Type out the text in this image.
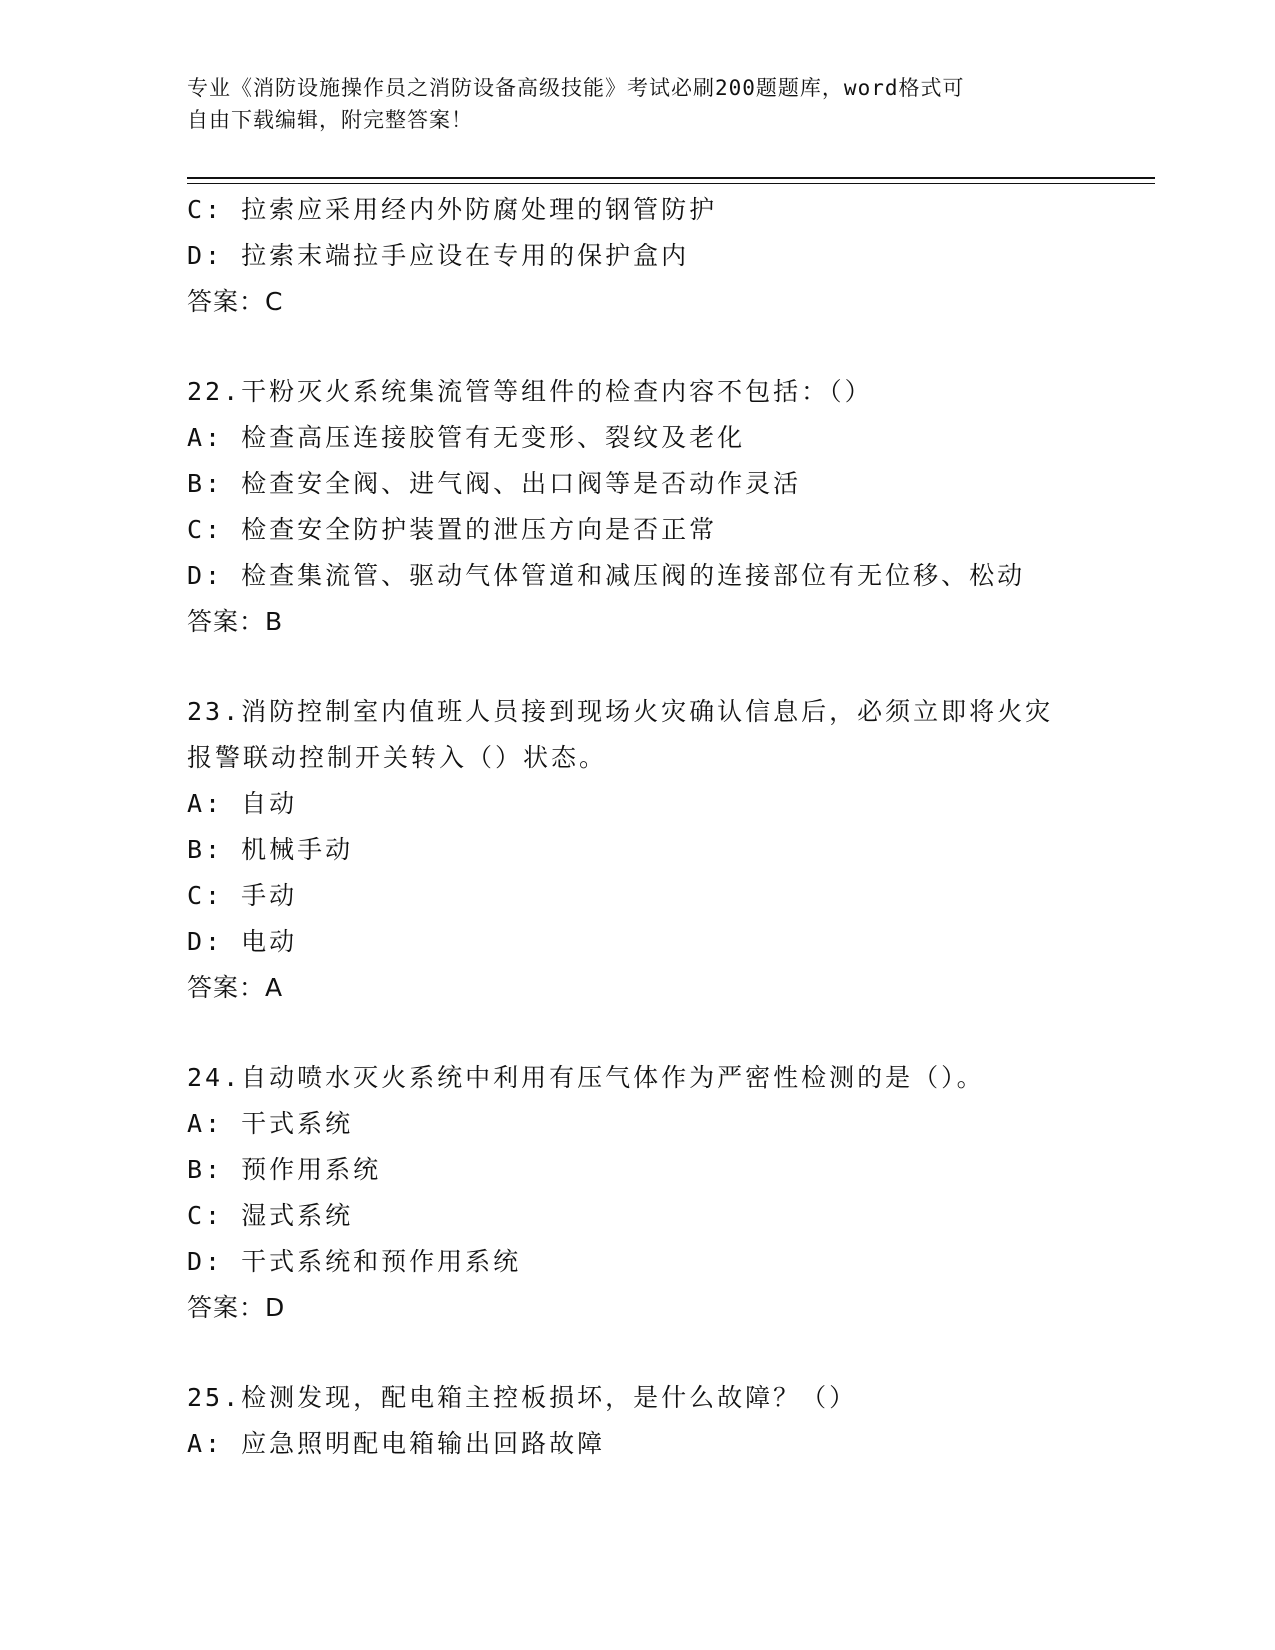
专业《消防设施操作员之消防设备高级技能》考试必刷200题题库，word格式可

自由下载编辑，附完整答案！

C: 拉索应采用经内外防腐处理的钢管防护
D: 拉索末端拉手应设在专用的保护盒内
答案：C
22.干粉灭火系统集流管等组件的检查内容不包括：（）
A: 检查高压连接胶管有无变形、裂纹及老化
B: 检查安全阀、进气阀、出口阀等是否动作灵活
C: 检查安全防护装置的泄压方向是否正常
D: 检查集流管、驱动气体管道和减压阀的连接部位有无位移、松动
答案：B
23.消防控制室内值班人员接到现场火灾确认信息后，必须立即将火灾报警联动控制开关转入（）状态。
A: 自动
B: 机械手动
C: 手动
D: 电动
答案：A
24.自动喷水灭火系统中利用有压气体作为严密性检测的是（）。
A: 干式系统
B: 预作用系统
C: 湿式系统
D: 干式系统和预作用系统
答案：D
25.检测发现，配电箱主控板损坏，是什么故障？（）
A: 应急照明配电箱输出回路故障
